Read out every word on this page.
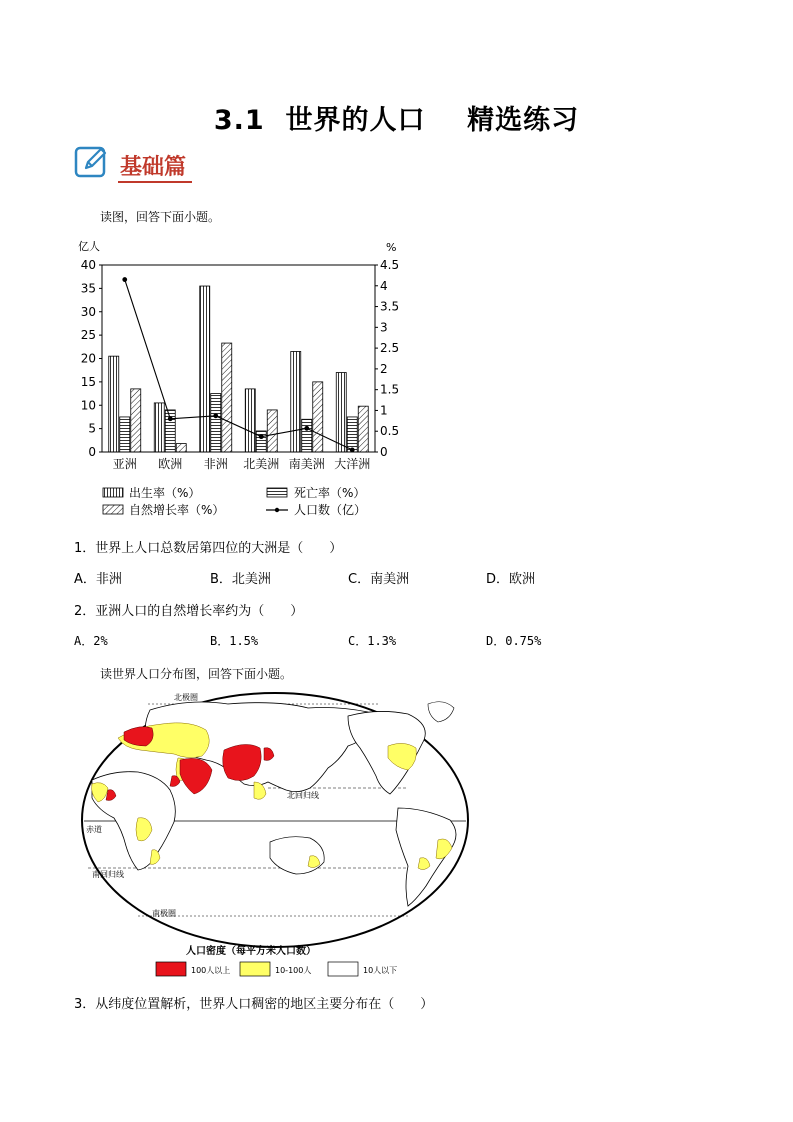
3.1  世界的人口    精选练习
基础篇
读图，回答下面小题。
亿人	%
0
5
10
15
20
25
30
35
40
0
0.5
1
1.5
2
2.5
3
3.5
4
4.5
亚洲 欧洲 非洲 北美洲 南美洲 大洋洲
出生率（%）	死亡率（%）
自然增长率（%）	人口数（亿）
1．世界上人口总数居第四位的大洲是（　　）
A．非洲	B．北美洲	C．南美洲	D．欧洲
2．亚洲人口的自然增长率约为（　　）
A．2%	B．1.5%	C．1.3%	D．0.75%
读世界人口分布图，回答下面小题。
北极圈
北回归线
赤道
南回归线
南极圈
人口密度（每平方米人口数）
100人以上	10-100人	10人以下
3．从纬度位置解析，世界人口稠密的地区主要分布在（　　）
